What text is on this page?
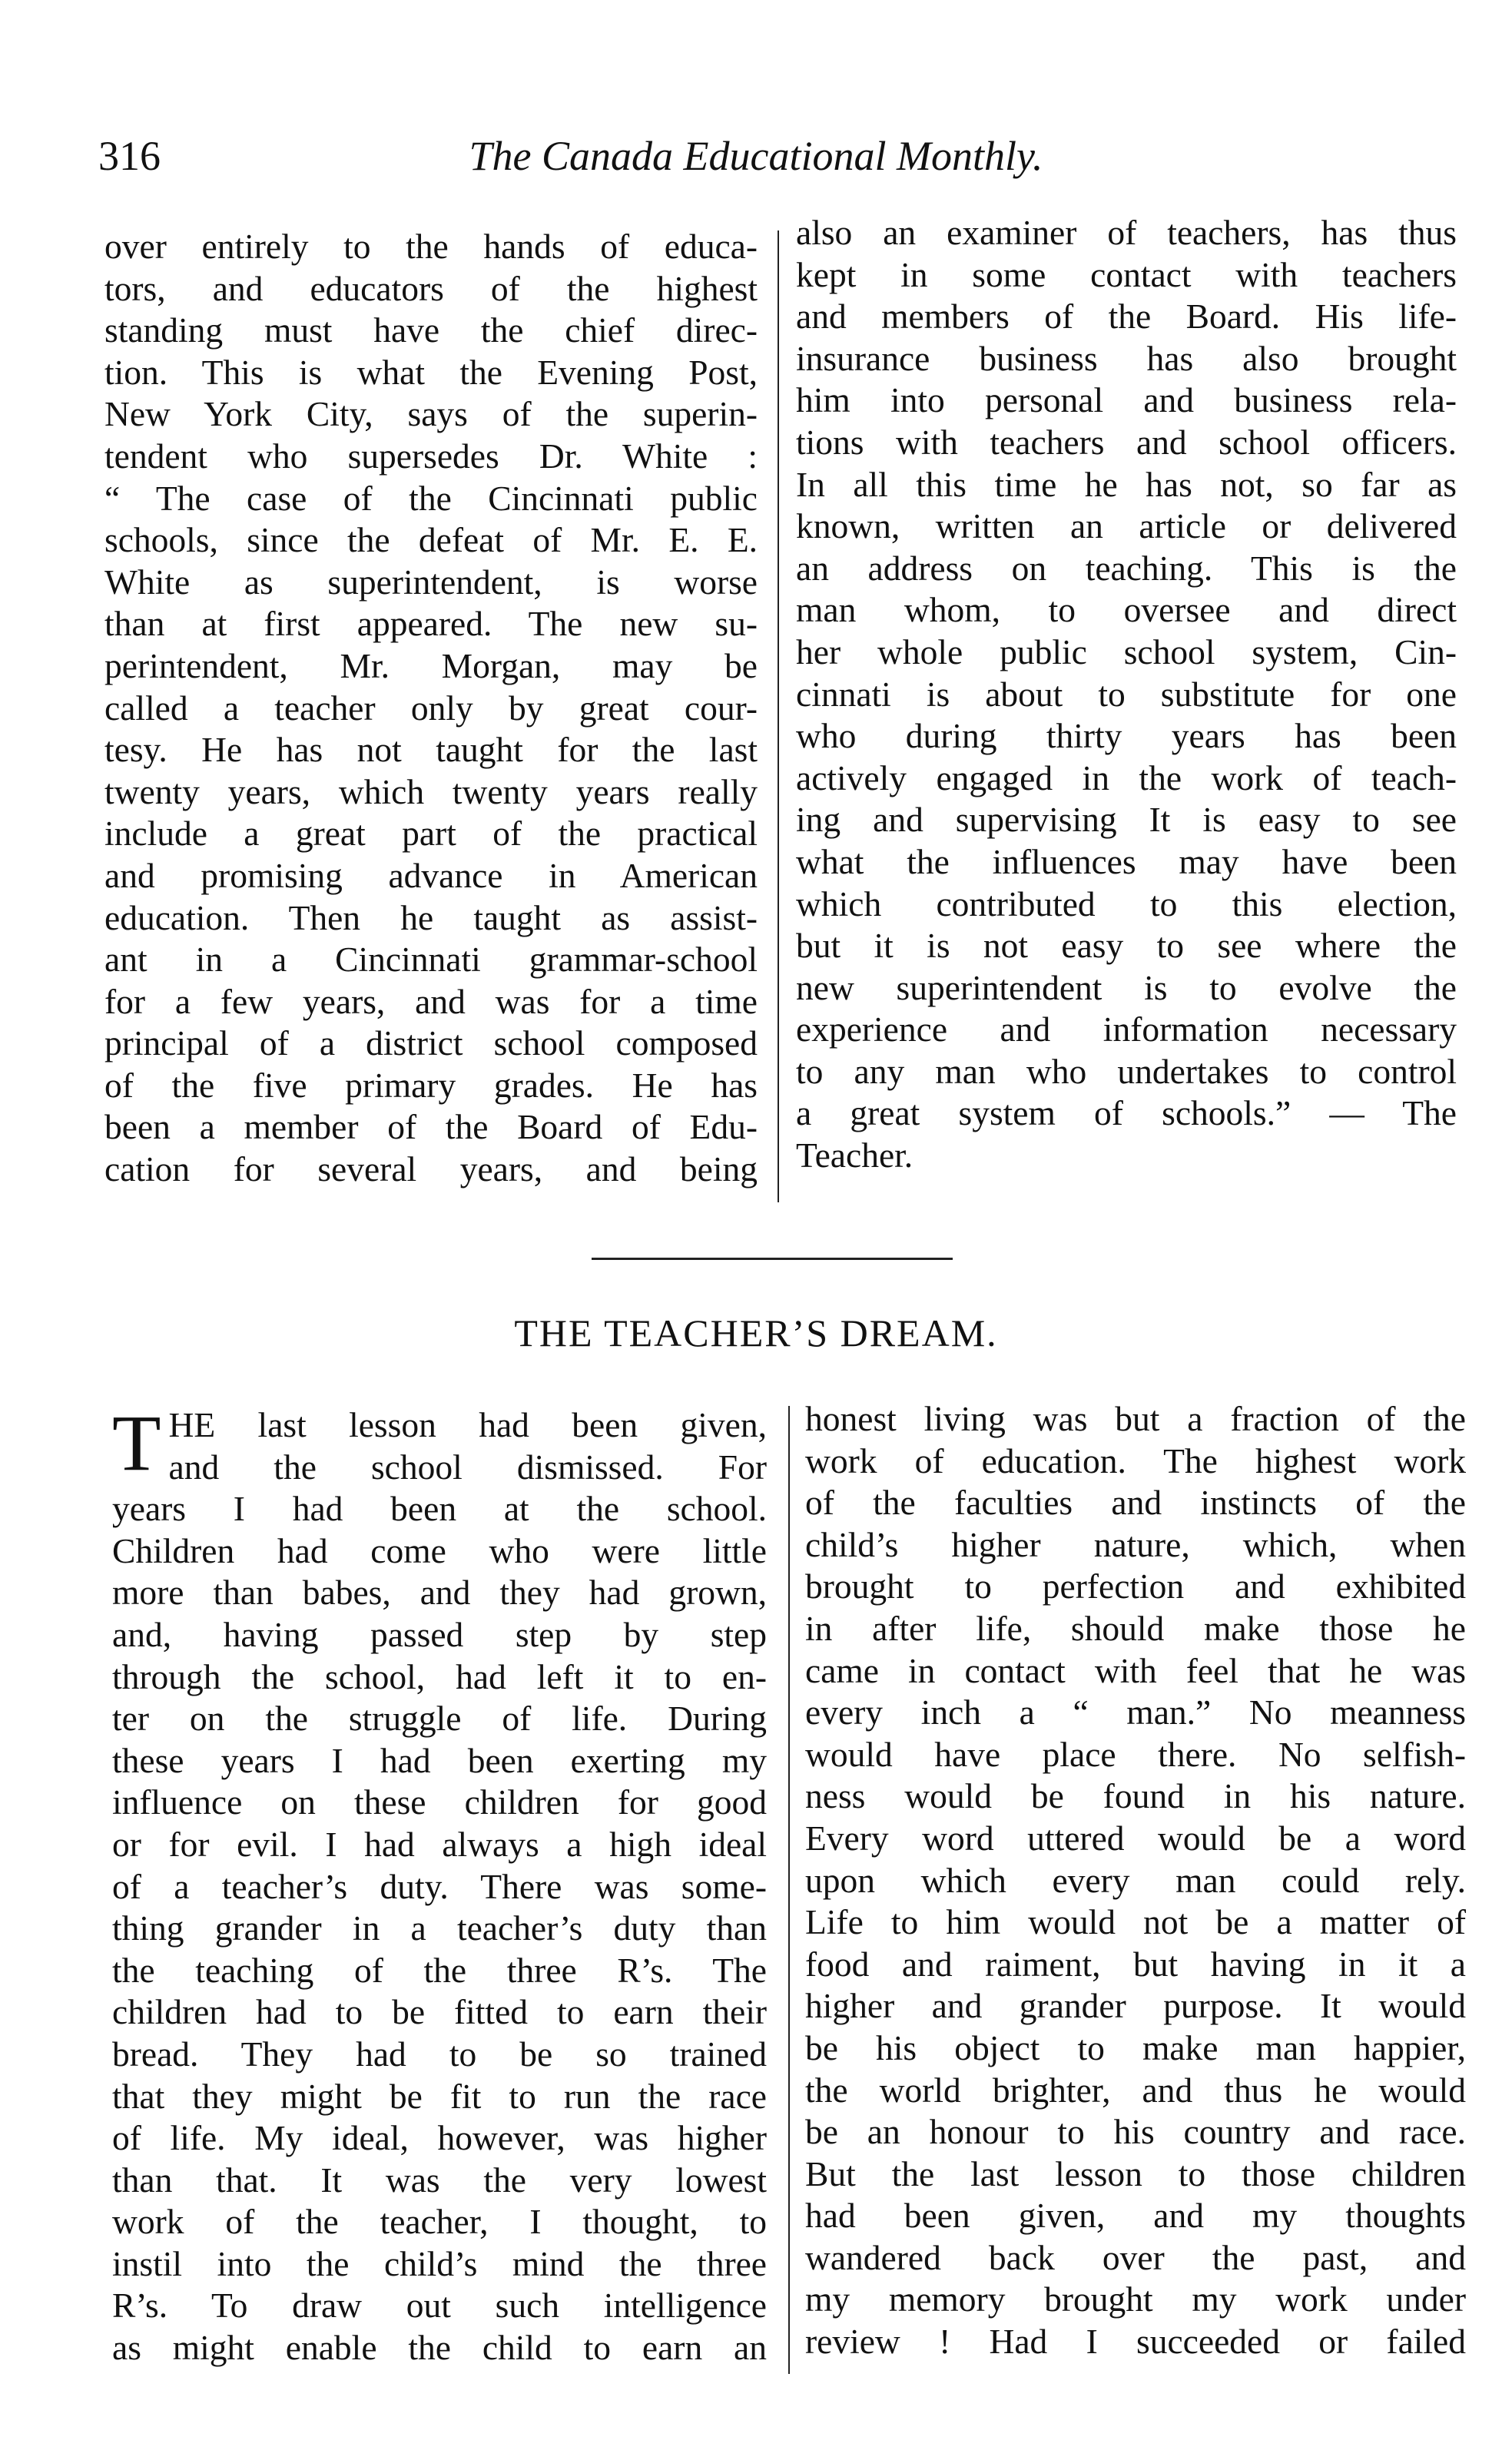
316	The Canada Educational Monthly.
over entirely to the hands of educa-
tors, and educators of the highest
standing must have the chief direc-
tion. This is what the Evening Post,
New York City, says of the superin-
tendent who supersedes Dr. White :
“ The case of the Cincinnati public
schools, since the defeat of Mr. E. E.
White as superintendent, is worse
than at first appeared. The new su-
perintendent, Mr. Morgan, may be
called a teacher only by great cour-
tesy. He has not taught for the last
twenty years, which twenty years really
include a great part of the practical
and promising advance in American
education. Then he taught as assist-
ant in a Cincinnati grammar-school
for a few years, and was for a time
principal of a district school composed
of the five primary grades. He has
been a member of the Board of Edu-
cation for several years, and being
also an examiner of teachers, has thus
kept in some contact with teachers
and members of the Board. His life-
insurance business has also brought
him into personal and business rela-
tions with teachers and school officers.
In all this time he has not, so far as
known, written an article or delivered
an address on teaching. This is the
man whom, to oversee and direct
her whole public school system, Cin-
cinnati is about to substitute for one
who during thirty years has been
actively engaged in the work of teach-
ing and supervising It is easy to see
what the influences may have been
which contributed to this election,
but it is not easy to see where the
new superintendent is to evolve the
experience and information necessary
to any man who undertakes to control
a great system of schools.” — The
Teacher.
THE TEACHER’S DREAM.
T HE last lesson had been given,
and the school dismissed. For
years I had been at the school.
Children had come who were little
more than babes, and they had grown,
and, having passed step by step
through the school, had left it to en-
ter on the struggle of life. During
these years I had been exerting my
influence on these children for good
or for evil. I had always a high ideal
of a teacher’s duty. There was some-
thing grander in a teacher’s duty than
the teaching of the three R’s. The
children had to be fitted to earn their
bread. They had to be so trained
that they might be fit to run the race
of life. My ideal, however, was higher
than that. It was the very lowest
work of the teacher, I thought, to
instil into the child’s mind the three
R’s. To draw out such intelligence
as might enable the child to earn an
honest living was but a fraction of the
work of education. The highest work
of the faculties and instincts of the
child’s higher nature, which, when
brought to perfection and exhibited
in after life, should make those he
came in contact with feel that he was
every inch a “ man.” No meanness
would have place there. No selfish-
ness would be found in his nature.
Every word uttered would be a word
upon which every man could rely.
Life to him would not be a matter of
food and raiment, but having in it a
higher and grander purpose. It would
be his object to make man happier,
the world brighter, and thus he would
be an honour to his country and race.
But the last lesson to those children
had been given, and my thoughts
wandered back over the past, and
my memory brought my work under
review ! Had I succeeded or failed
